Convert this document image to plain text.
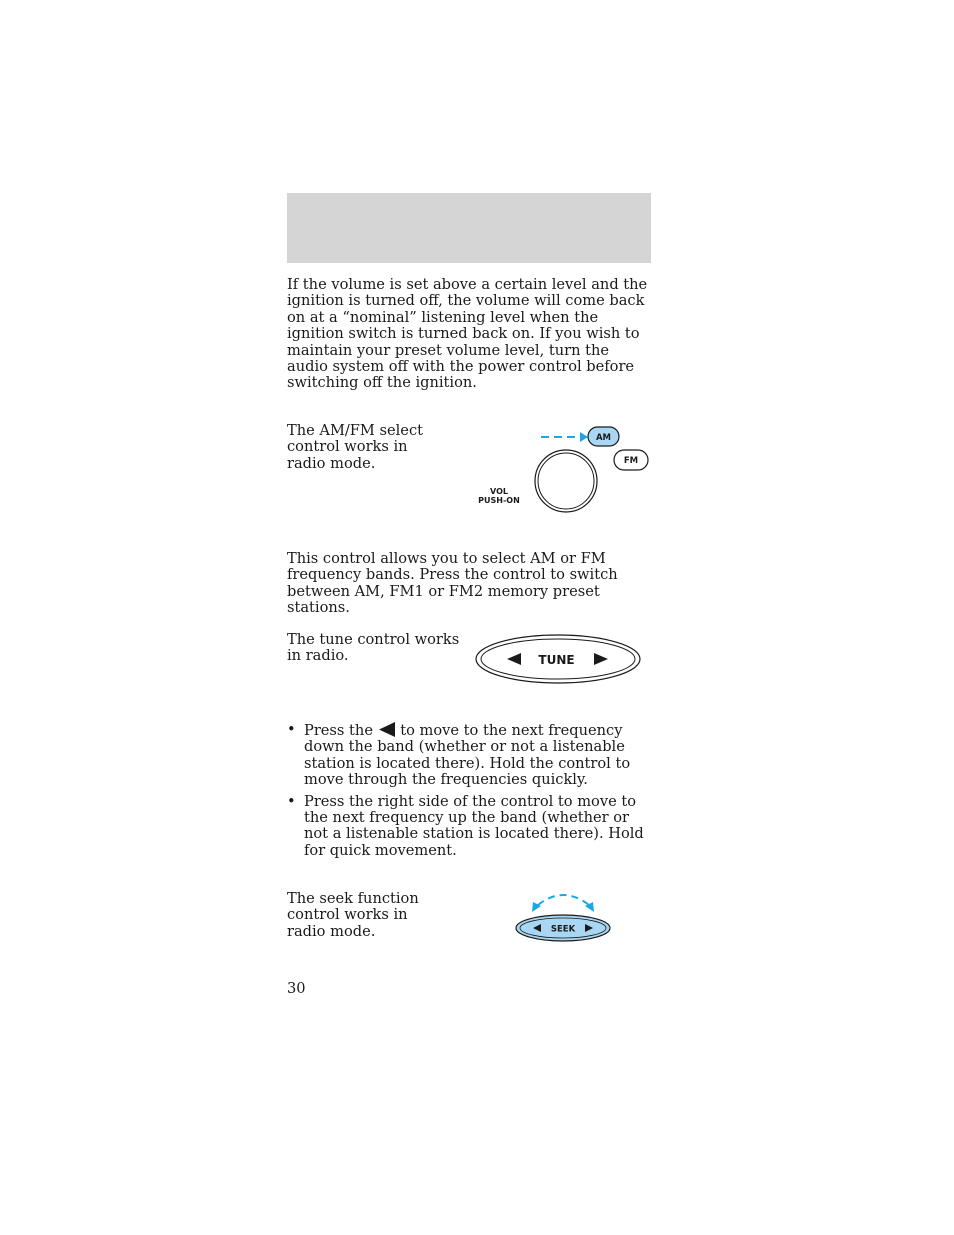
If the volume is set above a certain level and the ignition is turned off, the volume will come back on at a “nominal” listening level when the ignition switch is turned back on. If you wish to maintain your preset volume level, turn the audio system off with the power control before switching off the ignition.

The AM/FM select control works in radio mode.

AM
FM
VOL
PUSH-ON

This control allows you to select AM or FM frequency bands. Press the control to switch between AM, FM1 or FM2 memory preset stations.

The tune control works in radio.	TUNE
• Press the to move to the next frequency down the band (whether or not a listenable station is located there). Hold the control to move through the frequencies quickly.
• Press the right side of the control to move to the next frequency up the band (whether or not a listenable station is located there). Hold for quick movement.

The seek function control works in radio mode.	SEEK
30
